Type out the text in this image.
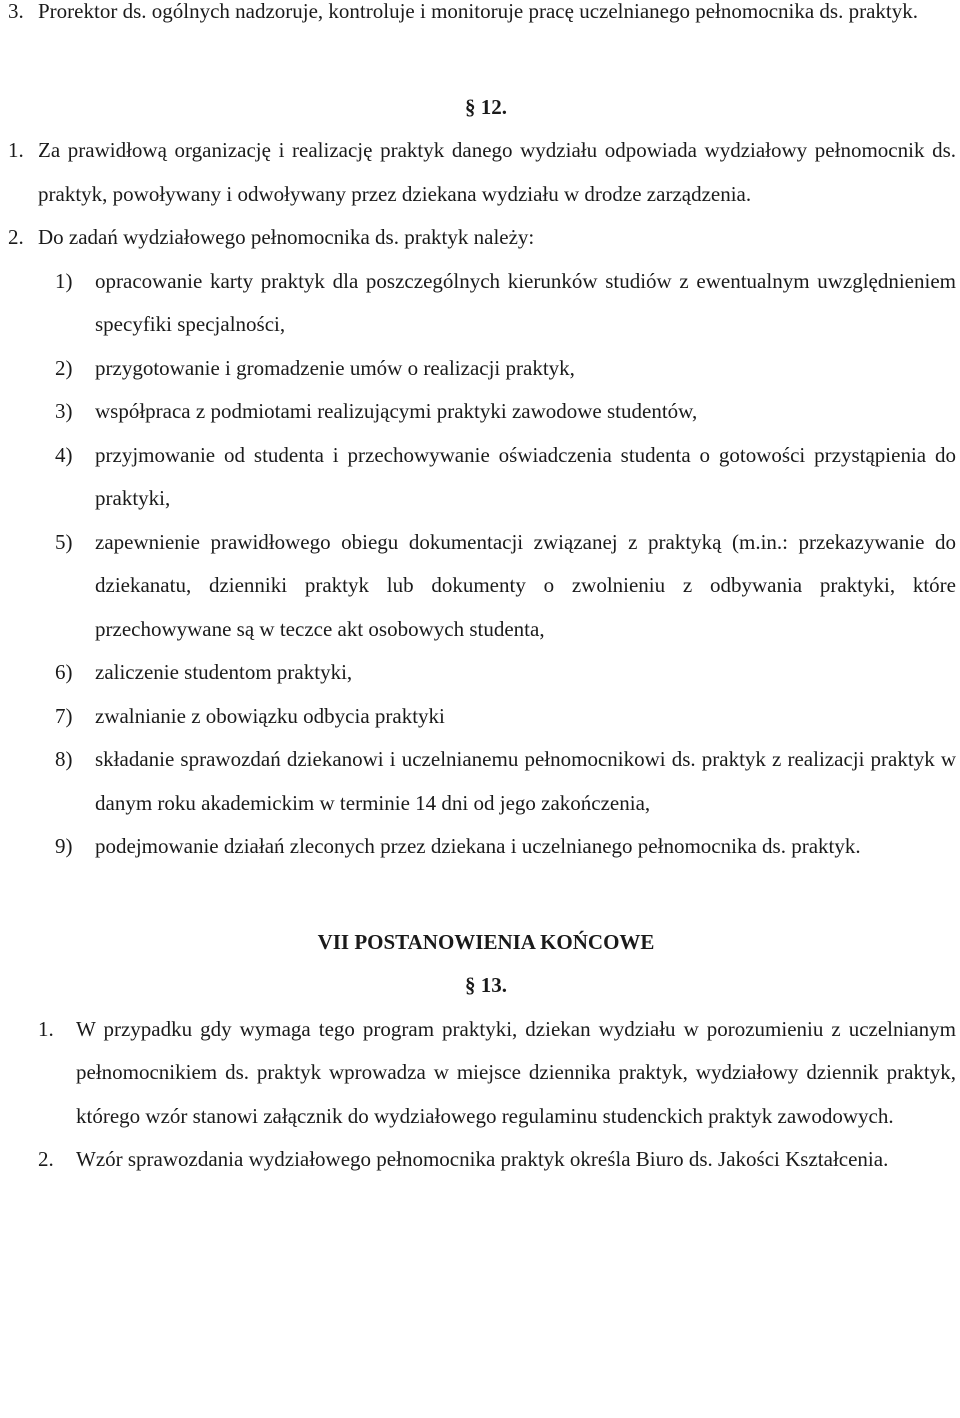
3. Prorektor ds. ogólnych nadzoruje, kontroluje i monitoruje pracę uczelnianego pełnomocnika ds. praktyk.
§ 12.
1. Za prawidłową organizację i realizację praktyk danego wydziału odpowiada wydziałowy pełnomocnik ds. praktyk, powoływany i odwoływany przez dziekana wydziału w drodze zarządzenia.
2. Do zadań wydziałowego pełnomocnika ds. praktyk należy:
1) opracowanie karty praktyk dla poszczególnych kierunków studiów z ewentualnym uwzględnieniem specyfiki specjalności,
2) przygotowanie i gromadzenie umów o realizacji praktyk,
3) współpraca z podmiotami realizującymi praktyki zawodowe studentów,
4) przyjmowanie od studenta i przechowywanie oświadczenia studenta o gotowości przystąpienia do praktyki,
5) zapewnienie prawidłowego obiegu dokumentacji związanej z praktyką (m.in.: przekazywanie do dziekanatu, dzienniki praktyk lub dokumenty o zwolnieniu z odbywania praktyki, które przechowywane są w teczce akt osobowych studenta,
6) zaliczenie studentom praktyki,
7) zwalnianie z obowiązku odbycia praktyki
8) składanie sprawozdań dziekanowi i uczelnianemu pełnomocnikowi ds. praktyk z realizacji praktyk w danym roku akademickim w terminie 14 dni od jego zakończenia,
9) podejmowanie działań zleconych przez dziekana i uczelnianego pełnomocnika ds. praktyk.
VII POSTANOWIENIA KOŃCOWE
§ 13.
1. W przypadku gdy wymaga tego program praktyki, dziekan wydziału w porozumieniu z uczelnianym pełnomocnikiem ds. praktyk wprowadza w miejsce dziennika praktyk, wydziałowy dziennik praktyk, którego wzór stanowi załącznik do wydziałowego regulaminu studenckich praktyk zawodowych.
2. Wzór sprawozdania wydziałowego pełnomocnika praktyk określa Biuro ds. Jakości Kształcenia.
